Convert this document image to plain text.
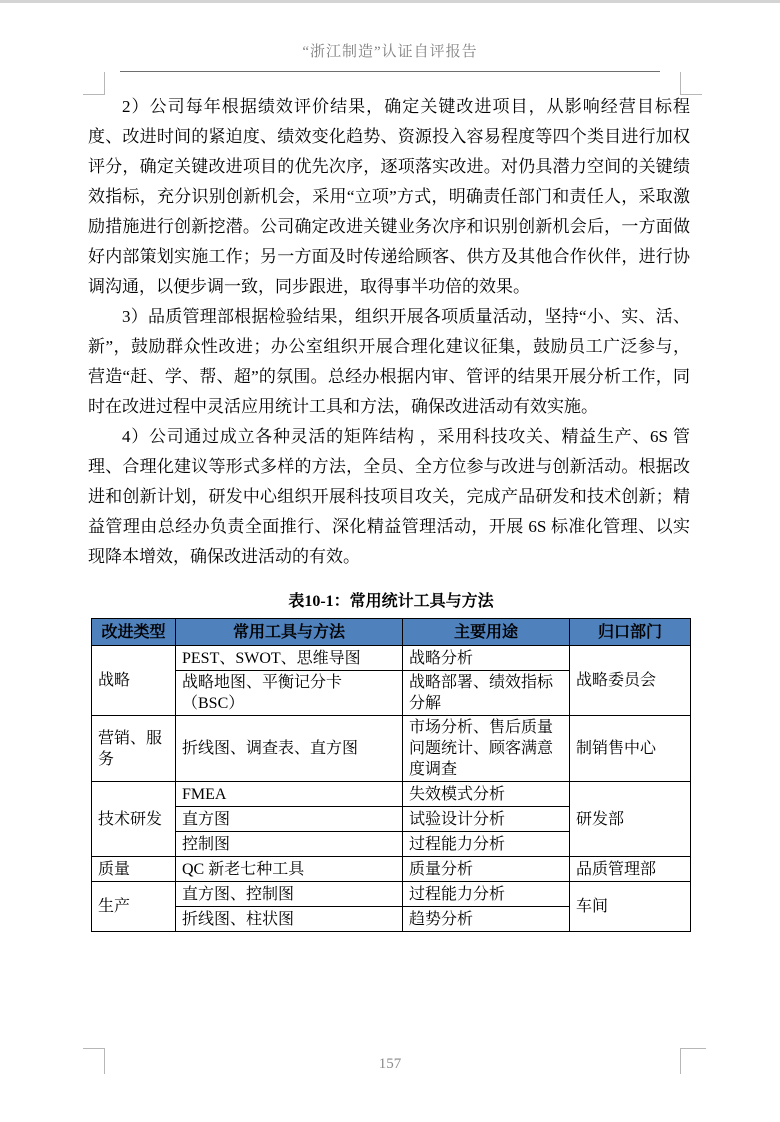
“浙江制造”认证自评报告

2）公司每年根据绩效评价结果，确定关键改进项目，从影响经营目标程度、改进时间的紧迫度、绩效变化趋势、资源投入容易程度等四个类目进行加权评分，确定关键改进项目的优先次序，逐项落实改进。对仍具潜力空间的关键绩效指标，充分识别创新机会，采用“立项”方式，明确责任部门和责任人，采取激励措施进行创新挖潜。公司确定改进关键业务次序和识别创新机会后，一方面做好内部策划实施工作；另一方面及时传递给顾客、供方及其他合作伙伴，进行协调沟通，以便步调一致，同步跟进，取得事半功倍的效果。

3）品质管理部根据检验结果，组织开展各项质量活动，坚持“小、实、活、新”，鼓励群众性改进；办公室组织开展合理化建议征集，鼓励员工广泛参与，营造“赶、学、帮、超”的氛围。总经办根据内审、管评的结果开展分析工作，同时在改进过程中灵活应用统计工具和方法，确保改进活动有效实施。

4）公司通过成立各种灵活的矩阵结构 ，采用科技攻关、精益生产、6S 管理、合理化建议等形式多样的方法，全员、全方位参与改进与创新活动。根据改进和创新计划，研发中心组织开展科技项目攻关，完成产品研发和技术创新；精益管理由总经办负责全面推行、深化精益管理活动，开展 6S 标准化管理、以实现降本增效，确保改进活动的有效。

表10-1：常用统计工具与方法

改进类型	常用工具与方法	主要用途	归口部门
战略	PEST、SWOT、思维导图	战略分析	战略委员会
	战略地图、平衡记分卡（BSC）	战略部署、绩效指标分解	
营销、服务	折线图、调查表、直方图	市场分析、售后质量问题统计、顾客满意度调查	制销售中心
技术研发	FMEA	失效模式分析	研发部
	直方图	试验设计分析	
	控制图	过程能力分析	
质量	QC 新老七种工具	质量分析	品质管理部
生产	直方图、控制图	过程能力分析	车间
	折线图、柱状图	趋势分析	
157
